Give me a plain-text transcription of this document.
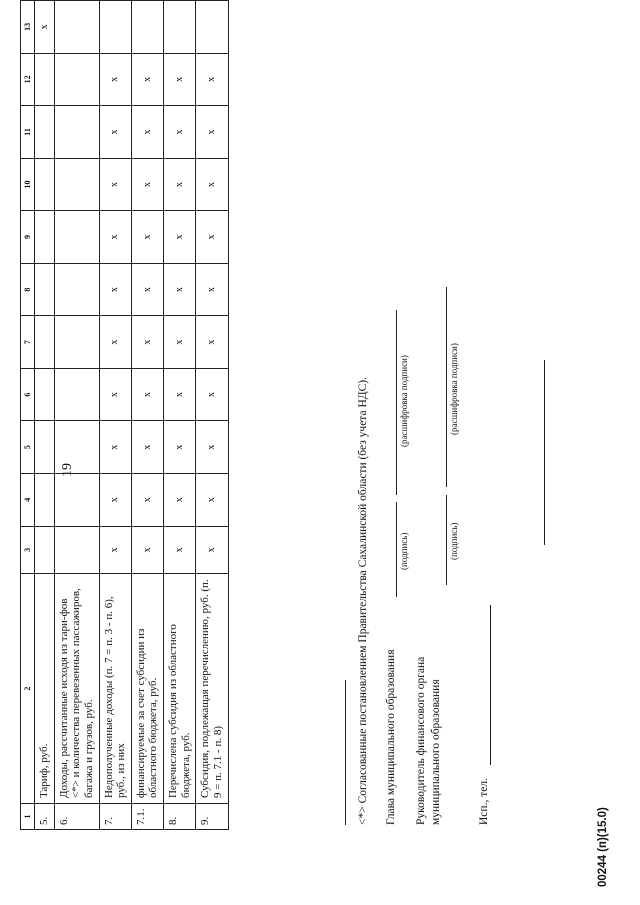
19
1	2	3	4	5	6	7	8	9	10	11	12	13
5.	Тариф, руб.											x
6.	Доходы, рассчитанные исходя из тари-фов <*> и количества перевезенных пассажиров, багажа и грузов, руб.											
7.	Недополученные доходы (п. 7 = п. 3 - п. 6), руб., из них	x	x	x	x	x	x	x	x	x	x	
7.1.	финансируемые за счет субсидии из областного бюджета, руб.	x	x	x	x	x	x	x	x	x	x	
8.	Перечислена субсидия из областного бюджета, руб.	x	x	x	x	x	x	x	x	x	x	
9.	Субсидия, подлежащая перечислению, руб. (п. 9 = п. 7.1 - п. 8)	x	x	x	x	x	x	x	x	x	x	
<*> Согласованные постановлением Правительства Сахалинской области (без учета НДС). Глава муниципального образования
(подпись)
(расшифровка подписи)
Руководитель финансового органа муниципального образования
(подпись)
(расшифровка подписи)
Исп., тел.
00244 (п)(15.0)
